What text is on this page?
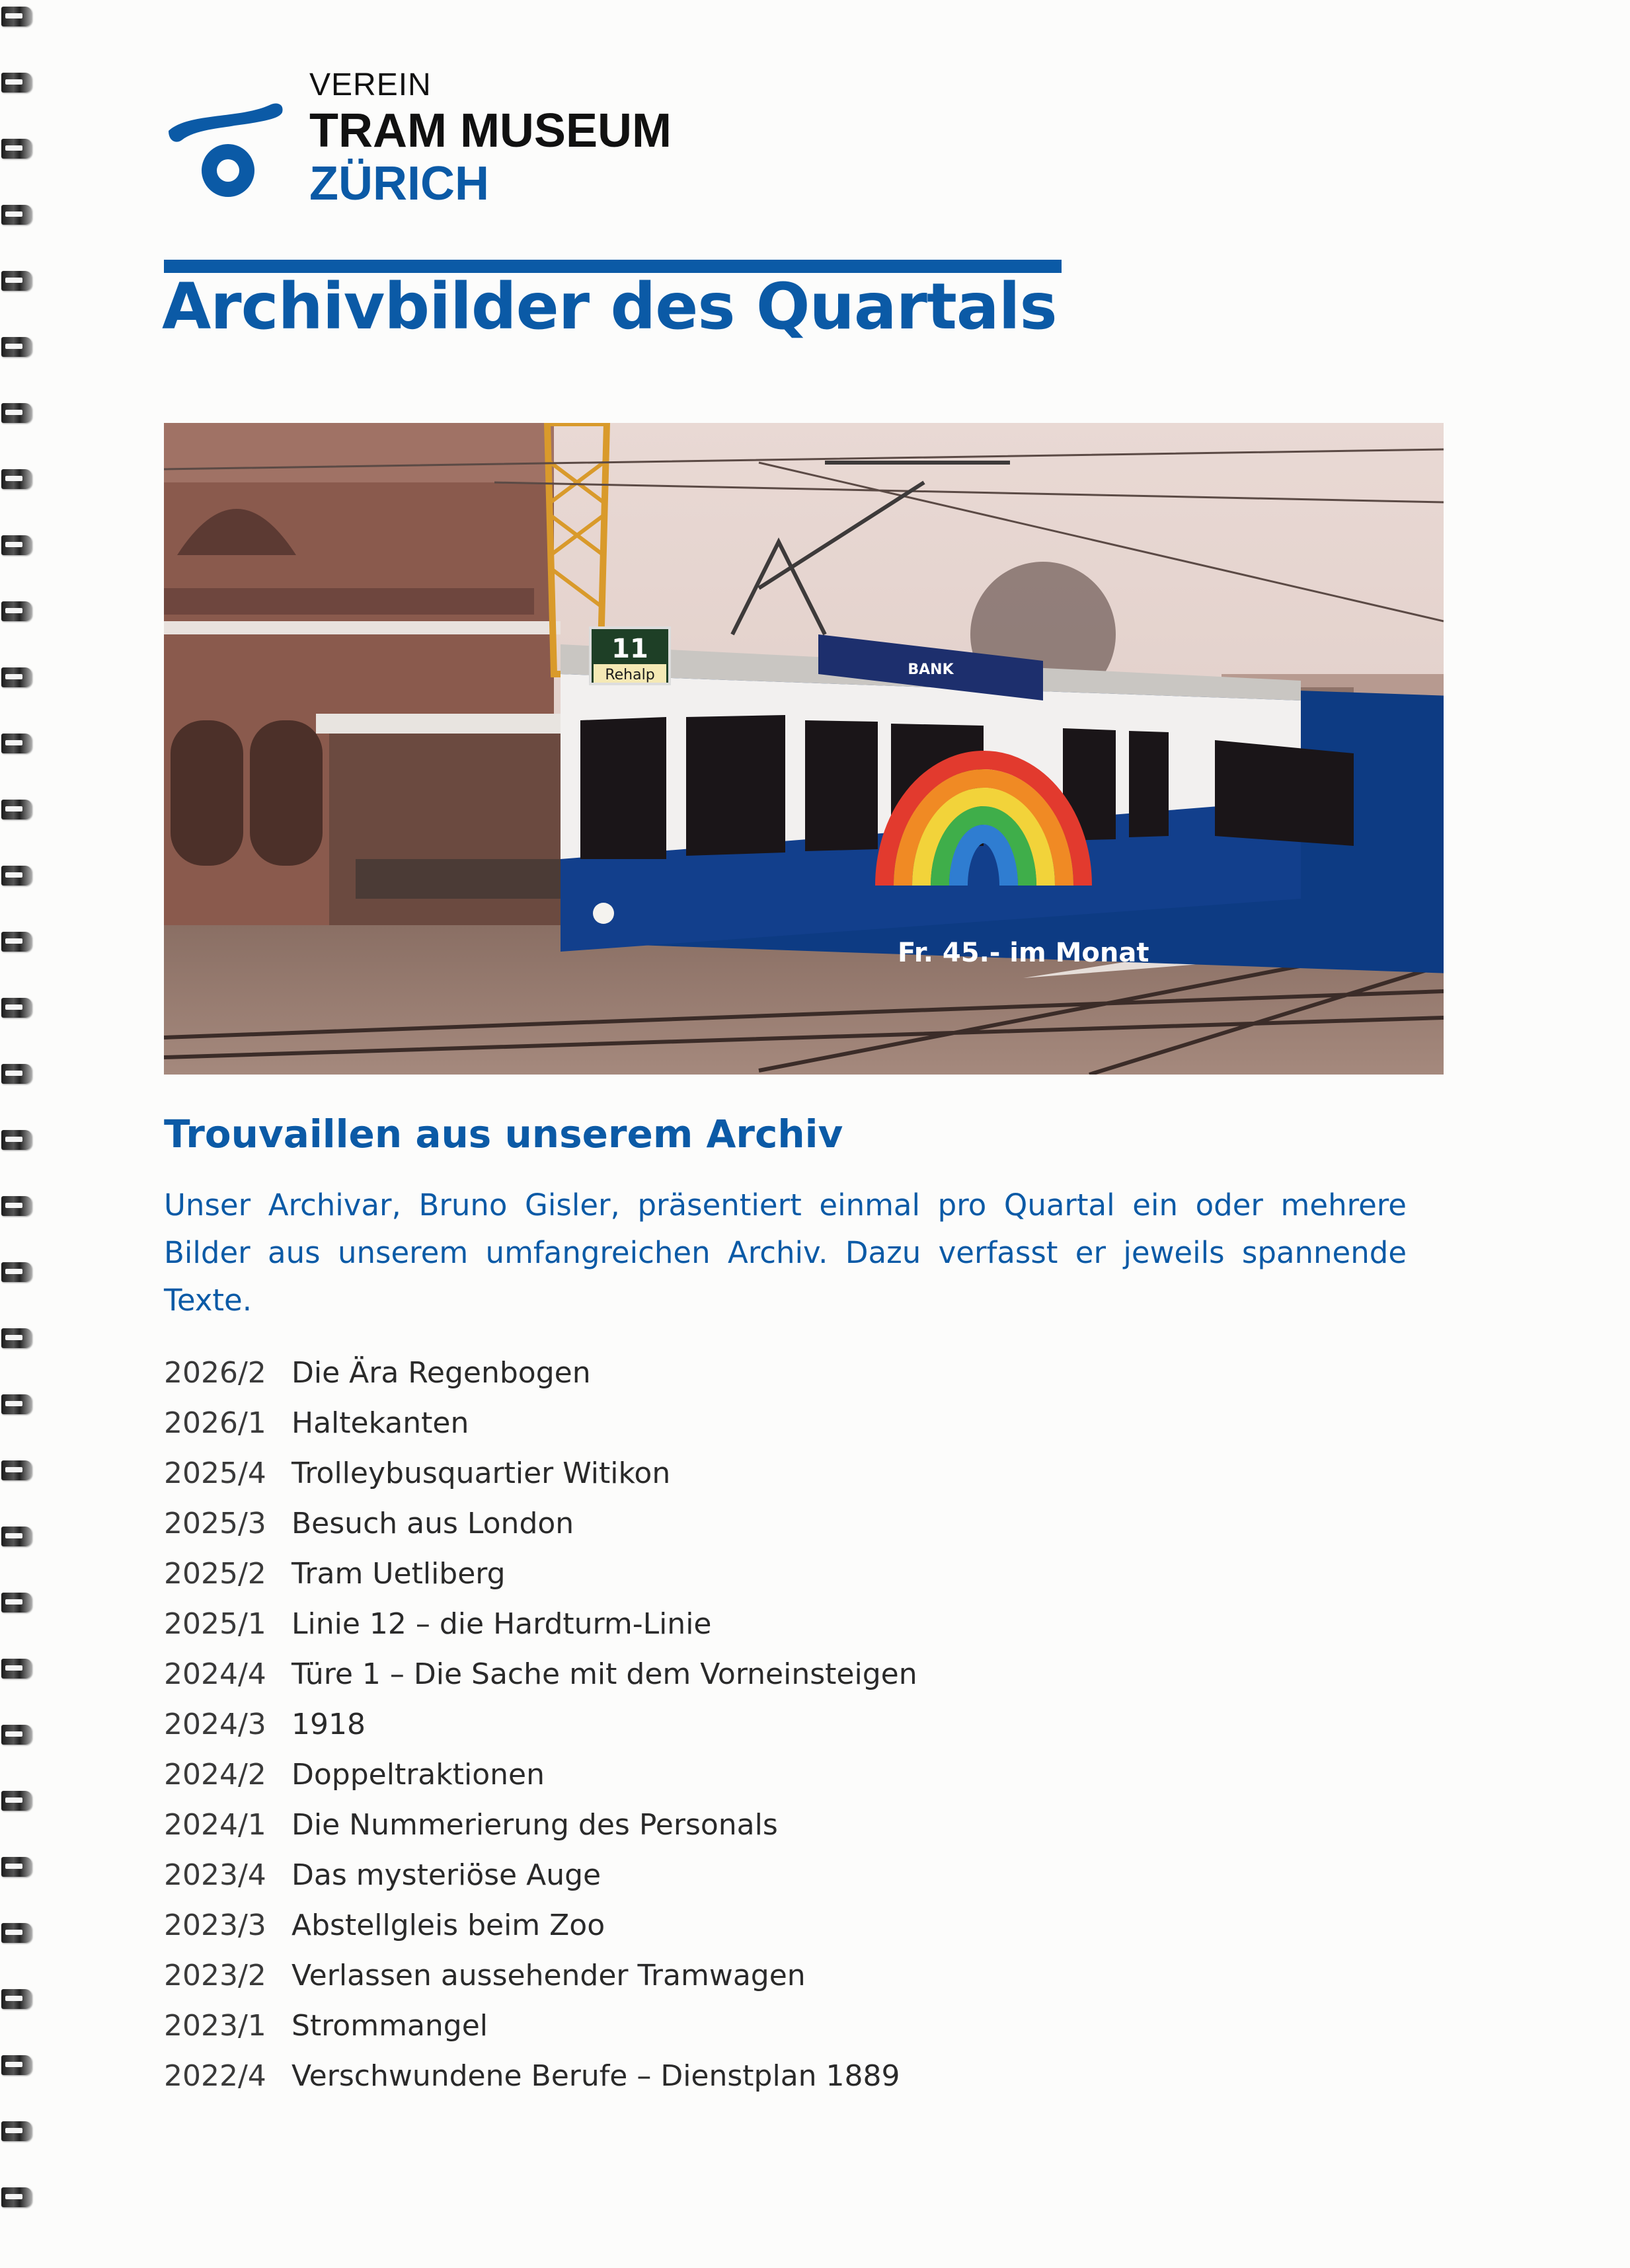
VEREIN
TRAM MUSEUM
ZÜRICH
Archivbilder des Quartals
11
Rehalp	BANK
Fr. 45.- im Monat
Trouvaillen aus unserem Archiv

Unser Archivar, Bruno Gisler, präsentiert einmal pro Quartal ein oder mehrere Bilder aus unserem umfangreichen Archiv. Dazu verfasst er jeweils spannende Texte.

2026/2 Die Ära Regenbogen
2026/1 Haltekanten
2025/4 Trolleybusquartier Witikon
2025/3 Besuch aus London
2025/2 Tram Uetliberg
2025/1 Linie 12 – die Hardturm-Linie
2024/4 Türe 1 – Die Sache mit dem Vorneinsteigen
2024/3 1918
2024/2 Doppeltraktionen
2024/1 Die Nummerierung des Personals
2023/4 Das mysteriöse Auge
2023/3 Abstellgleis beim Zoo
2023/2 Verlassen aussehender Tramwagen
2023/1 Strommangel
2022/4 Verschwundene Berufe – Dienstplan 1889
